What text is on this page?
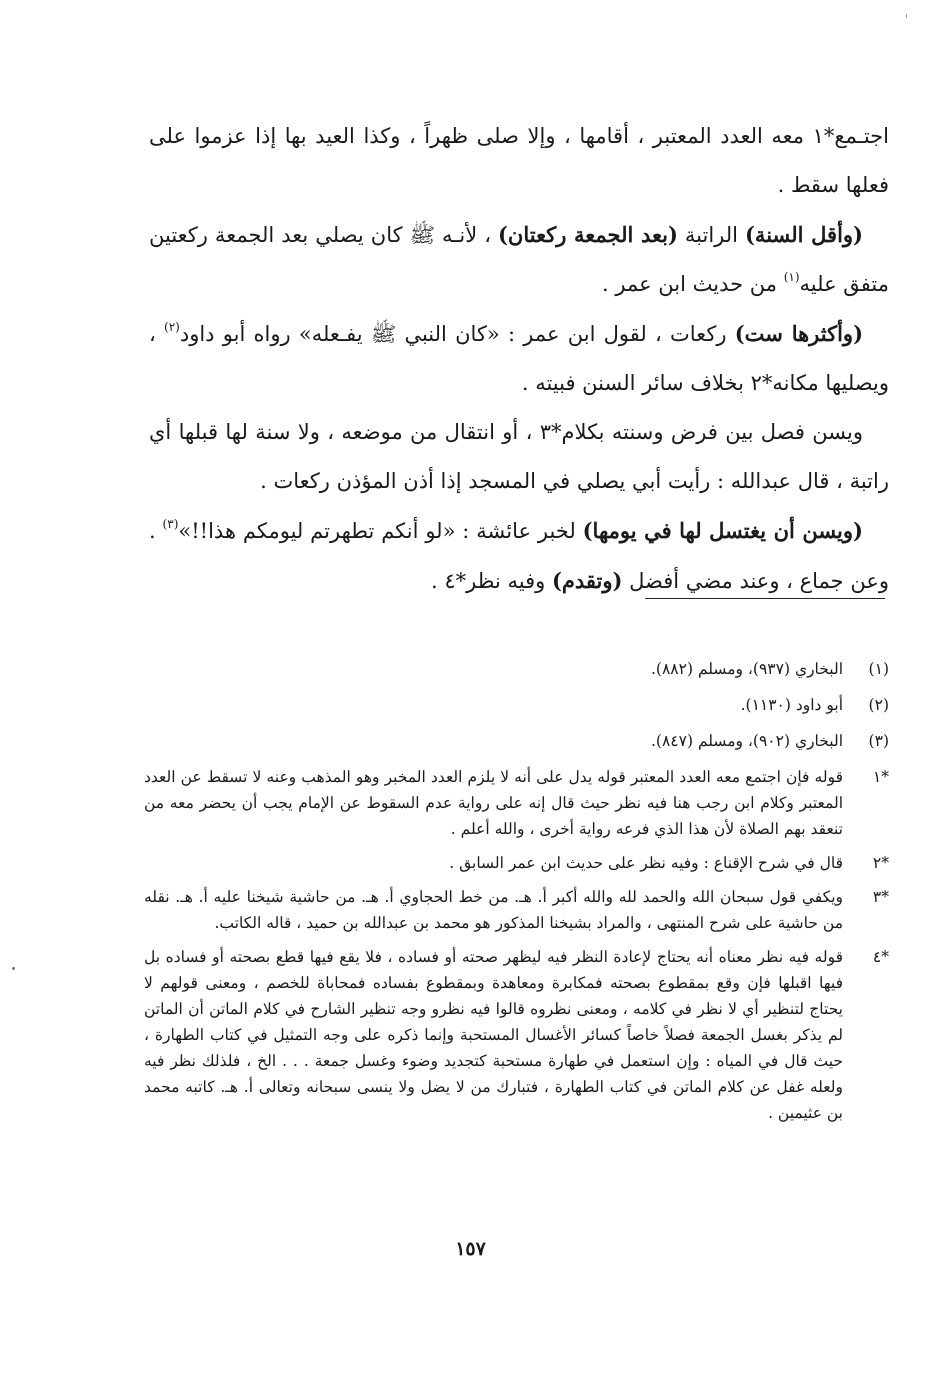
اجتـمع*١ معه العدد المعتبر ، أقامها ، وإلا صلى ظهراً ، وكذا العيد بها إذا عزموا على فعلها سقط .

(وأقل السنة) الراتبة (بعد الجمعة ركعتان) ، لأنـه ﷺ كان يصلي بعد الجمعة ركعتين متفق عليه$^{(١)}$ من حديث ابن عمر .

(وأكثرها ست) ركعات ، لقول ابن عمر : «كان النبي ﷺ يفـعله» رواه أبو داود$^{(٢)}$ ، ويصليها مكانه*٢ بخلاف سائر السنن فبيته .

ويسن فصل بين فرض وسنته بكلام*٣ ، أو انتقال من موضعه ، ولا سنة لها قبلها أي راتبة ، قال عبدالله : رأيت أبي يصلي في المسجد إذا أذن المؤذن ركعات .

(ويسن أن يغتسل لها في يومها) لخبر عائشة : «لو أنكم تطهرتم ليومكم هذا!!»$^{(٣)}$ . وعن جماع ، وعند مضي أفضل (وتقدم) وفيه نظر*٤ .

(١)
البخاري (٩٣٧)، ومسلم (٨٨٢).
(٢)
أبو داود (١١٣٠).
(٣)
البخاري (٩٠٢)، ومسلم (٨٤٧).
*١
قوله فإن اجتمع معه العدد المعتبر قوله يدل على أنه لا يلزم العدد المخبر وهو المذهب وعنه لا تسقط عن العدد المعتبر وكلام ابن رجب هنا فيه نظر حيث قال إنه على رواية عدم السقوط عن الإمام يجب أن يحضر معه من تنعقد بهم الصلاة لأن هذا الذي فرعه رواية أخرى ، والله أعلم .
*٢
قال في شرح الإقناع : وفيه نظر على حديث ابن عمر السابق .
*٣
ويكفي قول سبحان الله والحمد لله والله أكبر أ. هـ. من خط الحجاوي أ. هـ. من حاشية شيخنا عليه أ. هـ. نقله من حاشية على شرح المنتهى ، والمراد بشيخنا المذكور هو محمد بن عبدالله بن حميد ، قاله الكاتب.
*٤
قوله فيه نظر معناه أنه يحتاج لإعادة النظر فيه ليظهر صحته أو فساده ، فلا يقع فيها قطع بصحته أو فساده بل فيها اقبلها فإن وقع بمقطوع بصحته فمكابرة ومعاهدة وبمقطوع بفساده فمحاباة للخصم ، ومعنى قولهم لا يحتاج لتنظير أي لا نظر في كلامه ، ومعنى نظروه قالوا فيه نظرو وجه تنظير الشارح في كلام الماتن أن الماتن لم يذكر بغسل الجمعة فصلاً خاصاً كسائر الأغسال المستحبة وإنما ذكره على وجه التمثيل في كتاب الطهارة ، حيث قال في المياه : وإن استعمل في طهارة مستحبة كتجديد وضوء وغسل جمعة . . . الخ ، فلذلك نظر فيه ولعله غفل عن كلام الماتن في كتاب الطهارة ، فتبارك من لا يضل ولا ينسى سبحانه وتعالى أ. هـ. كاتبه محمد بن عثيمين .
١٥٧
